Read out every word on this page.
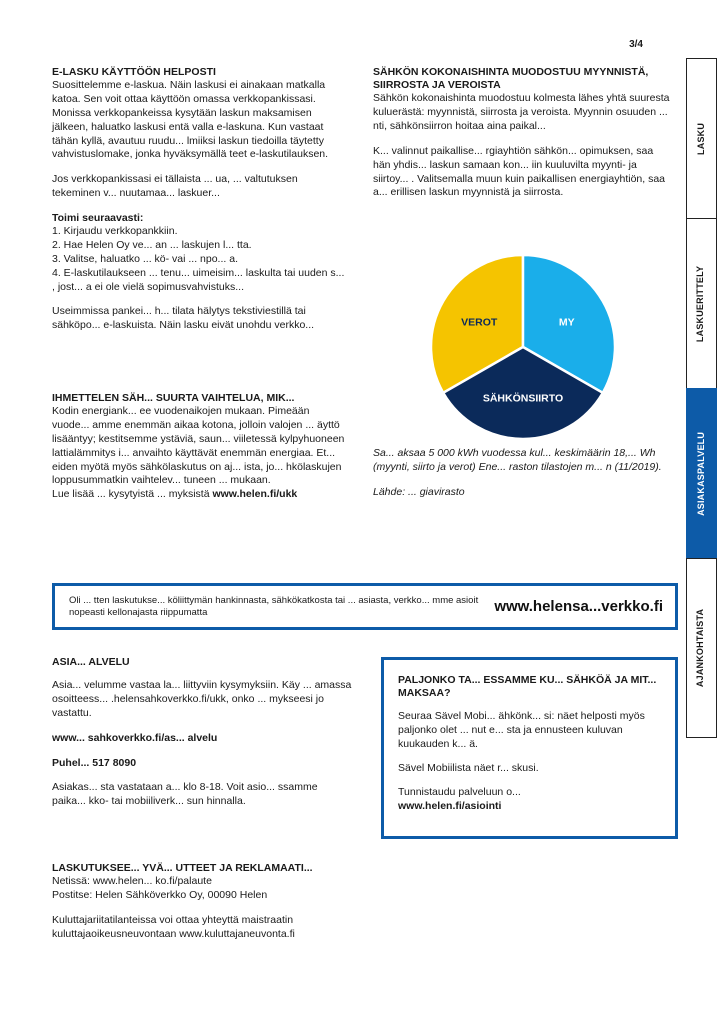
3/4
E-LASKU KÄYTTÖÖN HELPOSTI

Suosittelemme e-laskua. Näin laskusi ei ainakaan matkalla katoa. Sen voit ottaa käyttöön omassa verkkopankissasi. Monissa verkkopankeissa kysytään laskun maksamisen jälkeen, haluatko laskusi entä valla e-laskuna. Kun vastaat tähän kyllä, avautuu ruudu... lmiiksi laskun tiedoilla täytetty vahvistuslomake, jonka hyväksymällä teet e-laskutilauksen.

Jos verkkopankissasi ei tällaista ... ua, ... valtutuksen tekeminen v... nuutamaa... laskuer...

Toimi seuraavasti:

1. Kirjaudu verkkopankkiin.

2. Hae Helen Oy ve... an ... laskujen l... tta.

3. Valitse, haluatko ... kö- vai ... npo... a.

4. E-laskutilaukseen ... tenu... uimeisim... laskulta tai uuden s... , jost... a ei ole vielä sopimusvahvistuks...

Useimmissa pankei... h... tilata hälytys tekstiviestillä tai sähköpo... e-laskuista. Näin lasku eivät unohdu verkko...

IHMETTELEN SÄH... SUURTA VAIHTELUA, MIK...

Kodin energiank... ee vuodenaikojen mukaan. Pimeään vuode... amme enemmän aikaa kotona, jolloin valojen ... äyttö lisääntyy; kestitsemme ystäviä, saun... viiletessä kylpyhuoneen lattialämmitys i... anvaihto käyttävät enemmän energiaa. Et... eiden myötä myös sähkölaskutus on aj... ista, jo... hkölaskujen loppusummatkin vaihtelev... tuneen ... mukaan.

Lue lisää ... kysytyistä ... myksistä www.helen.fi/ukk

SÄHKÖN KOKONAISHINTA MUODOSTUU MYYNNISTÄ, SIIRROSTA JA VEROISTA

Sähkön kokonaishinta muodostuu kolmesta lähes yhtä suuresta kuluerästä: myynnistä, siirrosta ja veroista. Myynnin osuuden ... nti, sähkönsiirron hoitaa aina paikal...

K... valinnut paikallise... rgiayhtiön sähkön... opimuksen, saa hän yhdis... laskun samaan kon... iin kuuluvilta myynti- ja siirtoy... . Valitsemalla muun kuin paikallisen energiayhtiön, saa a... erillisen laskun myynnistä ja siirrosta.

VEROT	MY
SÄHKÖNSIIRTO

Sa... aksaa 5 000 kWh vuodessa kul... keskimäärin 18,... Wh (myynti, siirto ja verot) Ene... raston tilastojen m... n (11/2019).

Lähde: ... giavirasto

LASKU
LASKUERITTELY
ASIAKASPALVELU
AJANKOHTAISTA

Oli ... tten laskutukse... köliittymän hankinnasta, sähkökatkosta tai ... asiasta, verkko... mme asioit nopeasti kellonajasta riippumatta	www.helensa...verkko.fi
ASIA... ALVELU

Asia... velumme vastaa la... liittyviin kysymyksiin. Käy ... amassa osoitteess... .helensahkoverkko.fi/ukk, onko ... mykseesi jo vastattu.

www... sahkoverkko.fi/as... alvelu

Puhel... 517 8090

Asiakas... sta vastataan a... klo 8-18. Voit asio... ssamme paika... kko- tai mobiiliverk... sun hinnalla.

LASKUTUKSEE... YVÄ... UTTEET JA REKLAMAATI...

Netissä: www.helen... ko.fi/palaute

Postitse: Helen Sähköverkko Oy, 00090 Helen

Kuluttajariitatilanteissa voi ottaa yhteyttä maistraatin kuluttajaoikeusneuvontaan www.kuluttajaneuvonta.fi

PALJONKO TA... ESSAMME KU... SÄHKÖÄ JA MIT... MAKSAA?

Seuraa Sävel Mobi... ähkönk... si: näet helposti myös paljonko olet ... nut e... sta ja ennusteen kuluvan kuukauden k... ä.

Sävel Mobiilista näet r... skusi.

Tunnistaudu palveluun o...

www.helen.fi/asiointi
